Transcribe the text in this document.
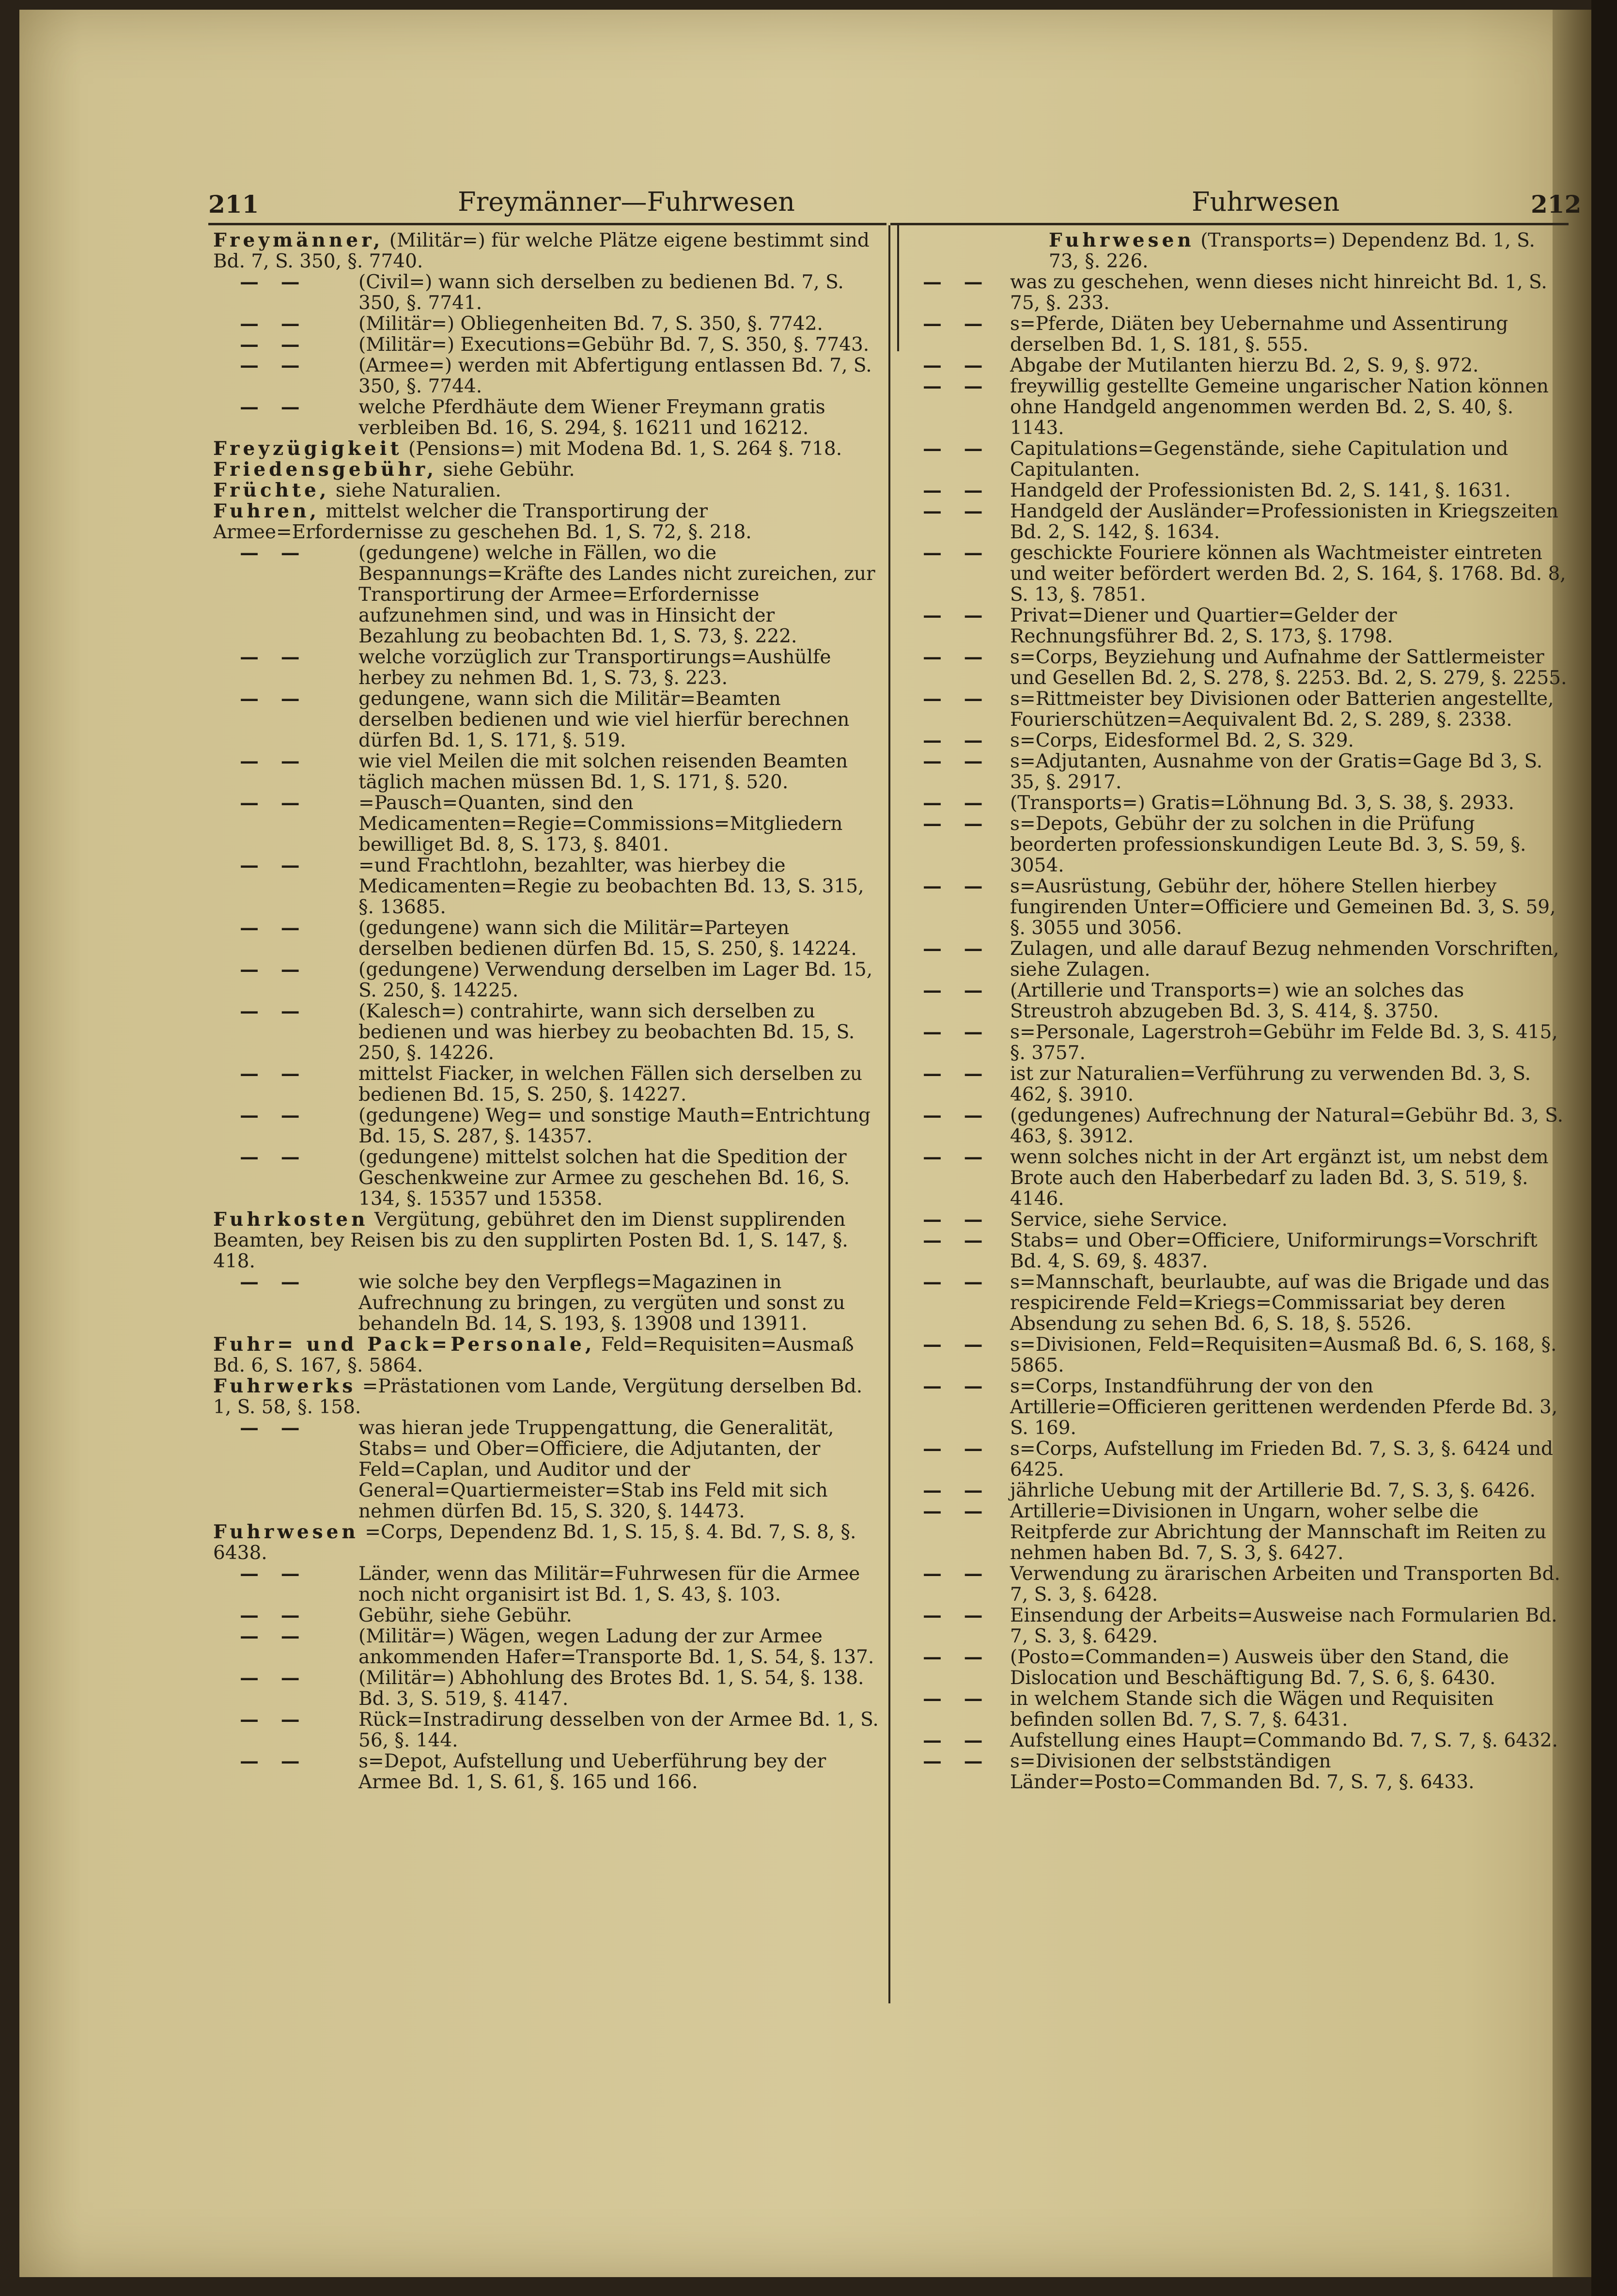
211	Freymänner—Fuhrwesen	Fuhrwesen	212
Freymänner, (Militär=) für welche Plätze eigene bestimmt sind Bd. 7, S. 350, §. 7740.
— —	(Civil=) wann sich derselben zu bedienen Bd. 7, S. 350, §. 7741.
— —	(Militär=) Obliegenheiten Bd. 7, S. 350, §. 7742.
— —	(Militär=) Executions=Gebühr Bd. 7, S. 350, §. 7743.
— —	(Armee=) werden mit Abfertigung entlassen Bd. 7, S. 350, §. 7744.
— —	welche Pferdhäute dem Wiener Freymann gratis verbleiben Bd. 16, S. 294, §. 16211 und 16212.
Freyzügigkeit (Pensions=) mit Modena Bd. 1, S. 264 §. 718.
Friedensgebühr, siehe Gebühr.
Früchte, siehe Naturalien.
Fuhren, mittelst welcher die Transportirung der Armee=Erfordernisse zu geschehen Bd. 1, S. 72, §. 218.
— —	(gedungene) welche in Fällen, wo die Bespannungs=Kräfte des Landes nicht zureichen, zur Transportirung der Armee=Erfordernisse aufzunehmen sind, und was in Hinsicht der Bezahlung zu beobachten Bd. 1, S. 73, §. 222.
— —	welche vorzüglich zur Transportirungs=Aushülfe herbey zu nehmen Bd. 1, S. 73, §. 223.
— —	gedungene, wann sich die Militär=Beamten derselben bedienen und wie viel hierfür berechnen dürfen Bd. 1, S. 171, §. 519.
— —	wie viel Meilen die mit solchen reisenden Beamten täglich machen müssen Bd. 1, S. 171, §. 520.
— —	=Pausch=Quanten, sind den Medicamenten=Regie=Commissions=Mitgliedern bewilliget Bd. 8, S. 173, §. 8401.
— —	=und Frachtlohn, bezahlter, was hierbey die Medicamenten=Regie zu beobachten Bd. 13, S. 315, §. 13685.
— —	(gedungene) wann sich die Militär=Parteyen derselben bedienen dürfen Bd. 15, S. 250, §. 14224.
— —	(gedungene) Verwendung derselben im Lager Bd. 15, S. 250, §. 14225.
— —	(Kalesch=) contrahirte, wann sich derselben zu bedienen und was hierbey zu beobachten Bd. 15, S. 250, §. 14226.
— —	mittelst Fiacker, in welchen Fällen sich derselben zu bedienen Bd. 15, S. 250, §. 14227.
— —	(gedungene) Weg= und sonstige Mauth=Entrichtung Bd. 15, S. 287, §. 14357.
— —	(gedungene) mittelst solchen hat die Spedition der Geschenkweine zur Armee zu geschehen Bd. 16, S. 134, §. 15357 und 15358.
Fuhrkosten Vergütung, gebühret den im Dienst supplirenden Beamten, bey Reisen bis zu den supplirten Posten Bd. 1, S. 147, §. 418.
— —	wie solche bey den Verpflegs=Magazinen in Aufrechnung zu bringen, zu vergüten und sonst zu behandeln Bd. 14, S. 193, §. 13908 und 13911.
Fuhr= und Pack=Personale, Feld=Requisiten=Ausmaß Bd. 6, S. 167, §. 5864.
Fuhrwerks =Prästationen vom Lande, Vergütung derselben Bd. 1, S. 58, §. 158.
— —	was hieran jede Truppengattung, die Generalität, Stabs= und Ober=Officiere, die Adjutanten, der Feld=Caplan, und Auditor und der General=Quartiermeister=Stab ins Feld mit sich nehmen dürfen Bd. 15, S. 320, §. 14473.
Fuhrwesen =Corps, Dependenz Bd. 1, S. 15, §. 4. Bd. 7, S. 8, §. 6438.
— —	Länder, wenn das Militär=Fuhrwesen für die Armee noch nicht organisirt ist Bd. 1, S. 43, §. 103.
— —	Gebühr, siehe Gebühr.
— —	(Militär=) Wägen, wegen Ladung der zur Armee ankommenden Hafer=Transporte Bd. 1, S. 54, §. 137.
— —	(Militär=) Abhohlung des Brotes Bd. 1, S. 54, §. 138. Bd. 3, S. 519, §. 4147.
— —	Rück=Instradirung desselben von der Armee Bd. 1, S. 56, §. 144.
— —	s=Depot, Aufstellung und Ueberführung bey der Armee Bd. 1, S. 61, §. 165 und 166.
Fuhrwesen (Transports=) Dependenz Bd. 1, S. 73, §. 226.
— — was zu geschehen, wenn dieses nicht hinreicht Bd. 1, S. 75, §. 233.
— — s=Pferde, Diäten bey Uebernahme und Assentirung derselben Bd. 1, S. 181, §. 555.
— — Abgabe der Mutilanten hierzu Bd. 2, S. 9, §. 972.
— — freywillig gestellte Gemeine ungarischer Nation können ohne Handgeld angenommen werden Bd. 2, S. 40, §. 1143.
— — Capitulations=Gegenstände, siehe Capitulation und Capitulanten.
— — Handgeld der Professionisten Bd. 2, S. 141, §. 1631.
— — Handgeld der Ausländer=Professionisten in Kriegszeiten Bd. 2, S. 142, §. 1634.
— — geschickte Fouriere können als Wachtmeister eintreten und weiter befördert werden Bd. 2, S. 164, §. 1768. Bd. 8, S. 13, §. 7851.
— — Privat=Diener und Quartier=Gelder der Rechnungsführer Bd. 2, S. 173, §. 1798.
— — s=Corps, Beyziehung und Aufnahme der Sattlermeister und Gesellen Bd. 2, S. 278, §. 2253. Bd. 2, S. 279, §. 2255.
— — s=Rittmeister bey Divisionen oder Batterien angestellte, Fourierschützen=Aequivalent Bd. 2, S. 289, §. 2338.
— — s=Corps, Eidesformel Bd. 2, S. 329.
— — s=Adjutanten, Ausnahme von der Gratis=Gage Bd 3, S. 35, §. 2917.
— — (Transports=) Gratis=Löhnung Bd. 3, S. 38, §. 2933.
— — s=Depots, Gebühr der zu solchen in die Prüfung beorderten professionskundigen Leute Bd. 3, S. 59, §. 3054.
— — s=Ausrüstung, Gebühr der, höhere Stellen hierbey fungirenden Unter=Officiere und Gemeinen Bd. 3, S. 59, §. 3055 und 3056.
— — Zulagen, und alle darauf Bezug nehmenden Vorschriften, siehe Zulagen.
— — (Artillerie und Transports=) wie an solches das Streustroh abzugeben Bd. 3, S. 414, §. 3750.
— — s=Personale, Lagerstroh=Gebühr im Felde Bd. 3, S. 415, §. 3757.
— — ist zur Naturalien=Verführung zu verwenden Bd. 3, S. 462, §. 3910.
— — (gedungenes) Aufrechnung der Natural=Gebühr Bd. 3, S. 463, §. 3912.
— — wenn solches nicht in der Art ergänzt ist, um nebst dem Brote auch den Haberbedarf zu laden Bd. 3, S. 519, §. 4146.
— — Service, siehe Service.
— — Stabs= und Ober=Officiere, Uniformirungs=Vorschrift Bd. 4, S. 69, §. 4837.
— — s=Mannschaft, beurlaubte, auf was die Brigade und das respicirende Feld=Kriegs=Commissariat bey deren Absendung zu sehen Bd. 6, S. 18, §. 5526.
— — s=Divisionen, Feld=Requisiten=Ausmaß Bd. 6, S. 168, §. 5865.
— — s=Corps, Instandführung der von den Artillerie=Officieren gerittenen werdenden Pferde Bd. 3, S. 169.
— — s=Corps, Aufstellung im Frieden Bd. 7, S. 3, §. 6424 und 6425.
— — jährliche Uebung mit der Artillerie Bd. 7, S. 3, §. 6426.
— — Artillerie=Divisionen in Ungarn, woher selbe die Reitpferde zur Abrichtung der Mannschaft im Reiten zu nehmen haben Bd. 7, S. 3, §. 6427.
— — Verwendung zu ärarischen Arbeiten und Transporten Bd. 7, S. 3, §. 6428.
— — Einsendung der Arbeits=Ausweise nach Formularien Bd. 7, S. 3, §. 6429.
— — (Posto=Commanden=) Ausweis über den Stand, die Dislocation und Beschäftigung Bd. 7, S. 6, §. 6430.
— — in welchem Stande sich die Wägen und Requisiten befinden sollen Bd. 7, S. 7, §. 6431.
— — Aufstellung eines Haupt=Commando Bd. 7, S. 7, §. 6432.
— — s=Divisionen der selbstständigen Länder=Posto=Commanden Bd. 7, S. 7, §. 6433.
